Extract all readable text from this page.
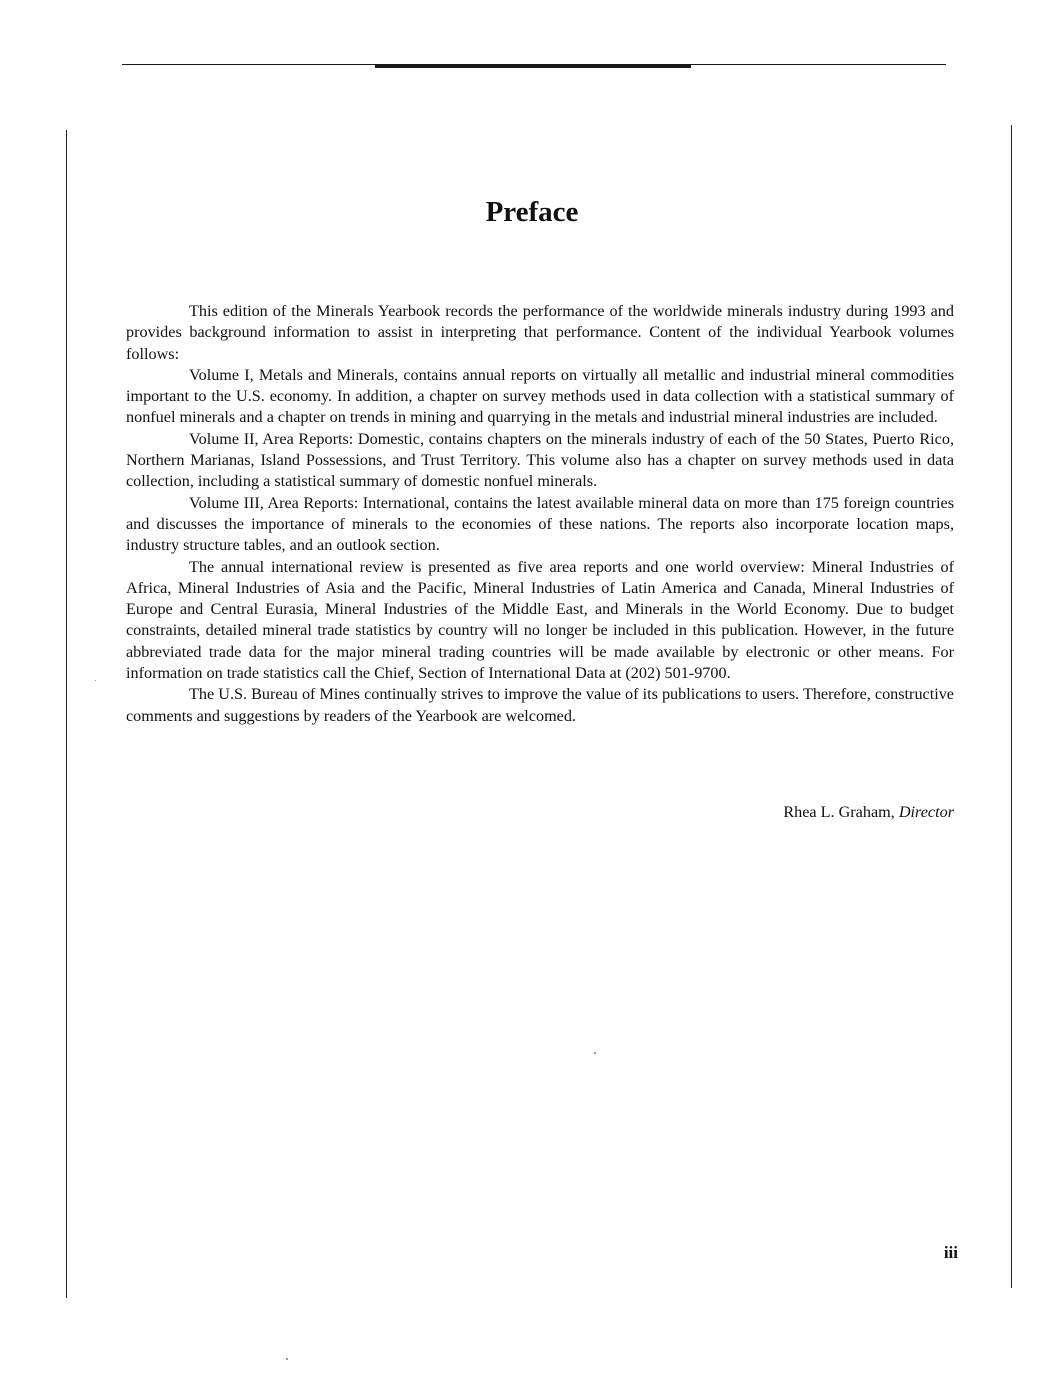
Preface

This edition of the Minerals Yearbook records the performance of the worldwide minerals industry during 1993 and provides background information to assist in interpreting that performance. Content of the individual Yearbook volumes follows:

Volume I, Metals and Minerals, contains annual reports on virtually all metallic and industrial mineral commodities important to the U.S. economy. In addition, a chapter on survey methods used in data collection with a statistical summary of nonfuel minerals and a chapter on trends in mining and quarrying in the metals and industrial mineral industries are included.

Volume II, Area Reports: Domestic, contains chapters on the minerals industry of each of the 50 States, Puerto Rico, Northern Marianas, Island Possessions, and Trust Territory. This volume also has a chapter on survey methods used in data collection, including a statistical summary of domestic nonfuel minerals.

Volume III, Area Reports: International, contains the latest available mineral data on more than 175 foreign countries and discusses the importance of minerals to the economies of these nations. The reports also incorporate location maps, industry structure tables, and an outlook section.

The annual international review is presented as five area reports and one world overview: Mineral Industries of Africa, Mineral Industries of Asia and the Pacific, Mineral Industries of Latin America and Canada, Mineral Industries of Europe and Central Eurasia, Mineral Industries of the Middle East, and Minerals in the World Economy. Due to budget constraints, detailed mineral trade statistics by country will no longer be included in this publication. However, in the future abbreviated trade data for the major mineral trading countries will be made available by electronic or other means. For information on trade statistics call the Chief, Section of International Data at (202) 501-9700.

The U.S. Bureau of Mines continually strives to improve the value of its publications to users. Therefore, constructive comments and suggestions by readers of the Yearbook are welcomed.

Rhea L. Graham, Director
iii
